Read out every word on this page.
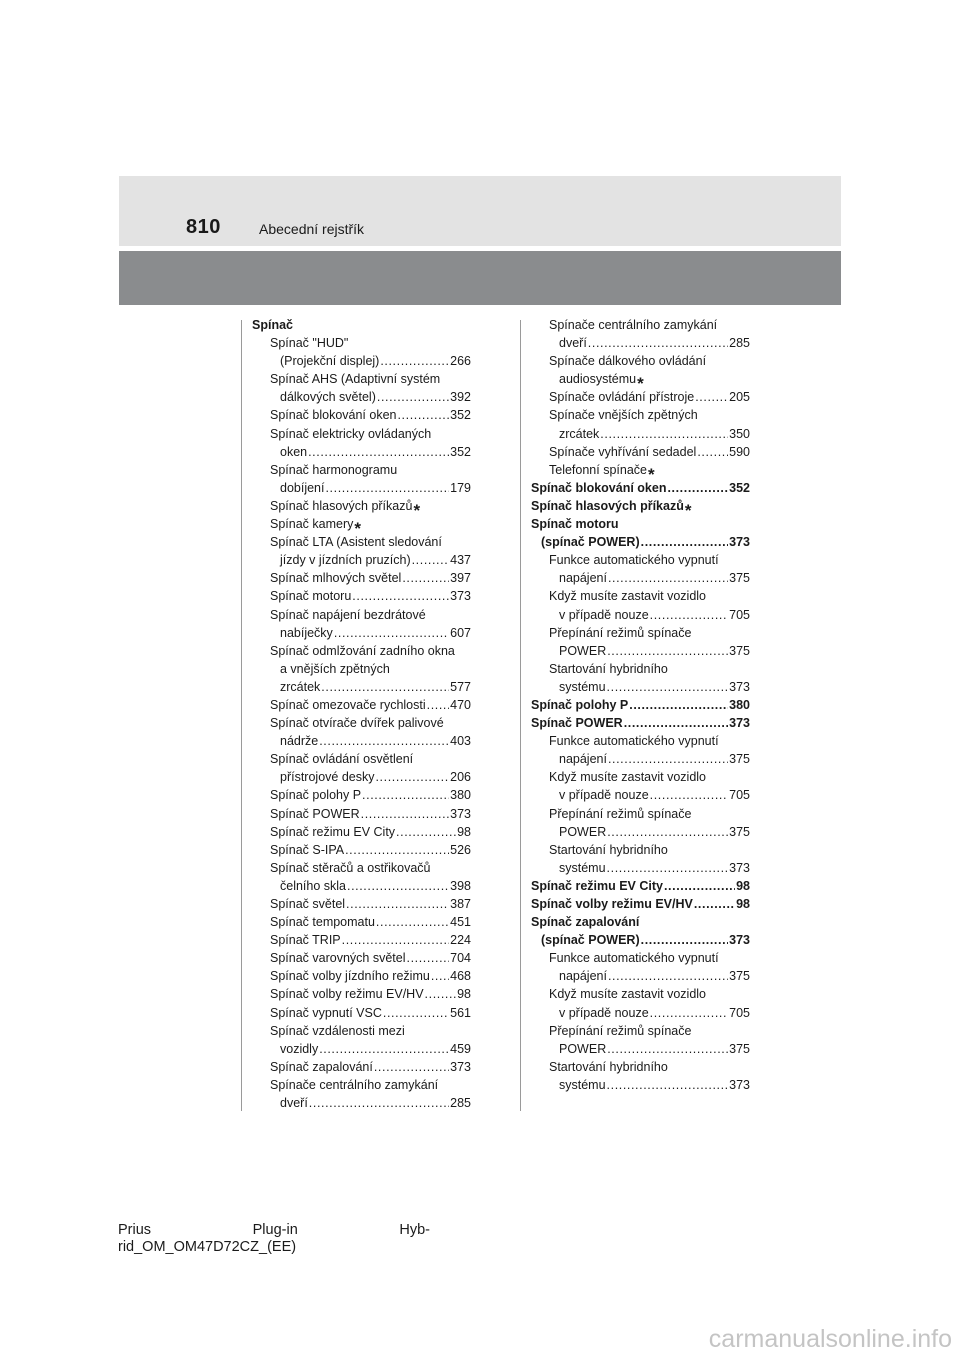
810	Abecední rejstřík
Spínač
Spínač "HUD"
(Projekční displej) .....	266
Spínač AHS (Adaptivní systém
dálkových světel) .....	392
Spínač blokování oken .....	352
Spínač elektricky ovládaných
oken .....	352
Spínač harmonogramu
dobíjení .....	179
Spínač hlasových příkazů *
Spínač kamery *
Spínač LTA (Asistent sledování
jízdy v jízdních pruzích) .....	437
Spínač mlhových světel .....	397
Spínač motoru .....	373
Spínač napájení bezdrátové
nabíječky .....	607
Spínač odmlžování zadního okna
a vnějších zpětných
zrcátek .....	577
Spínač omezovače rychlosti ..... 470
Spínač otvírače dvířek palivové
nádrže .....	403
Spínač ovládání osvětlení
přístrojové desky .....	206
Spínač polohy P .....	380
Spínač POWER .....	373
Spínač režimu EV City .....	98
Spínač S-IPA .....	526
Spínač stěračů a ostřikovačů
čelního skla .....	398
Spínač světel .....	387
Spínač tempomatu .....	451
Spínač TRIP .....	224
Spínač varovných světel .....	704
Spínač volby jízdního režimu ..... 468
Spínač volby režimu EV/HV .....	98
Spínač vypnutí VSC .....	561
Spínač vzdálenosti mezi
vozidly .....	459
Spínač zapalování .....	373
Spínače centrálního zamykání
dveří .....	285
Spínače centrálního zamykání
dveří .....	285
Spínače dálkového ovládání
audiosystému *
Spínače ovládání přístroje .....	205
Spínače vnějších zpětných
zrcátek .....	350
Spínače vyhřívání sedadel .....	590
Telefonní spínače *
Spínač blokování oken .....	352
Spínač hlasových příkazů *
Spínač motoru
(spínač POWER) .....	373
Funkce automatického vypnutí
napájení .....	375
Když musíte zastavit vozidlo
v případě nouze .....	705
Přepínání režimů spínače
POWER .....	375
Startování hybridního
systému .....	373
Spínač polohy P .....	380
Spínač POWER .....	373
Funkce automatického vypnutí
napájení .....	375
Když musíte zastavit vozidlo
v případě nouze .....	705
Přepínání režimů spínače
POWER .....	375
Startování hybridního
systému .....	373
Spínač režimu EV City .....	98
Spínač volby režimu EV/HV .....	98
Spínač zapalování
(spínač POWER) .....	373
Funkce automatického vypnutí
napájení .....	375
Když musíte zastavit vozidlo
v případě nouze .....	705
Přepínání režimů spínače
POWER .....	375
Startování hybridního
systému .....	373
Prius	Plug-in	Hyb-
rid_OM_OM47D72CZ_(EE)
carmanualsonline.info
